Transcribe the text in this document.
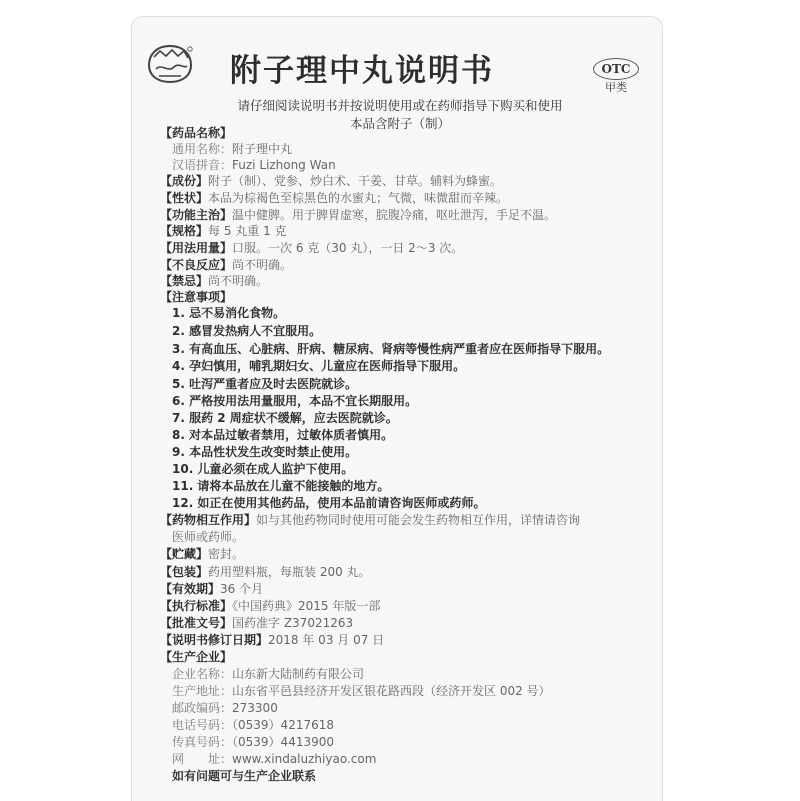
附子理中丸说明书	OTC
甲类
请仔细阅读说明书并按说明使用或在药师指导下购买和使用
本品含附子（制）
【药品名称】
通用名称：附子理中丸
汉语拼音：Fuzi Lizhong Wan
【成份】附子（制）、党参、炒白术、干姜、甘草。辅料为蜂蜜。
【性状】本品为棕褐色至棕黑色的水蜜丸；气微，味微甜而辛辣。
【功能主治】温中健脾。用于脾胃虚寒，脘腹冷痛，呕吐泄泻，手足不温。
【规格】每 5 丸重 1 克
【用法用量】口服。一次 6 克（30 丸），一日 2～3 次。
【不良反应】尚不明确。
【禁忌】尚不明确。
【注意事项】
1. 忌不易消化食物。
2. 感冒发热病人不宜服用。
3. 有高血压、心脏病、肝病、糖尿病、肾病等慢性病严重者应在医师指导下服用。
4. 孕妇慎用，哺乳期妇女、儿童应在医师指导下服用。
5. 吐泻严重者应及时去医院就诊。
6. 严格按用法用量服用，本品不宜长期服用。
7. 服药 2 周症状不缓解，应去医院就诊。
8. 对本品过敏者禁用，过敏体质者慎用。
9. 本品性状发生改变时禁止使用。
10. 儿童必须在成人监护下使用。
11. 请将本品放在儿童不能接触的地方。
12. 如正在使用其他药品，使用本品前请咨询医师或药师。
【药物相互作用】如与其他药物同时使用可能会发生药物相互作用，详情请咨询
医师或药师。
【贮藏】密封。
【包装】药用塑料瓶，每瓶装 200 丸。
【有效期】36 个月
【执行标准】《中国药典》2015 年版一部
【批准文号】国药准字 Z37021263
【说明书修订日期】2018 年 03 月 07 日
【生产企业】
企业名称：山东新大陆制药有限公司
生产地址：山东省平邑县经济开发区银花路西段（经济开发区 002 号）
邮政编码：273300
电话号码：（0539）4217618
传真号码：（0539）4413900
网　　址：www.xindaluzhiyao.com
如有问题可与生产企业联系
